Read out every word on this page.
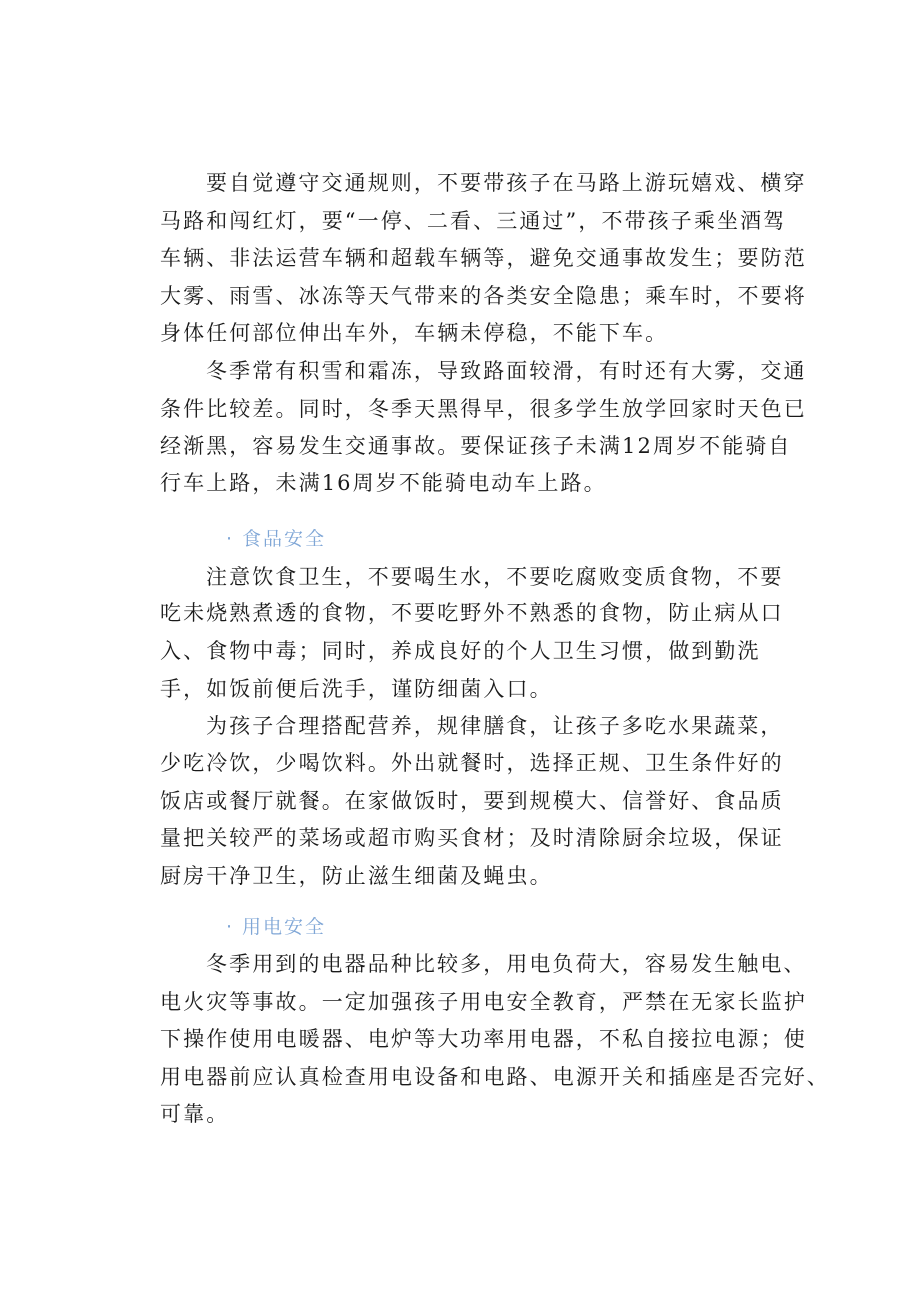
要自觉遵守交通规则，不要带孩子在马路上游玩嬉戏、横穿
马路和闯红灯，要“一停、二看、三通过”，不带孩子乘坐酒驾
车辆、非法运营车辆和超载车辆等，避免交通事故发生；要防范
大雾、雨雪、冰冻等天气带来的各类安全隐患；乘车时，不要将
身体任何部位伸出车外，车辆未停稳，不能下车。
冬季常有积雪和霜冻，导致路面较滑，有时还有大雾，交通
条件比较差。同时，冬季天黑得早，很多学生放学回家时天色已
经渐黑，容易发生交通事故。要保证孩子未满12周岁不能骑自
行车上路，未满16周岁不能骑电动车上路。
· 食品安全
注意饮食卫生，不要喝生水，不要吃腐败变质食物，不要
吃未烧熟煮透的食物，不要吃野外不熟悉的食物，防止病从口
入、食物中毒；同时，养成良好的个人卫生习惯，做到勤洗
手，如饭前便后洗手，谨防细菌入口。
为孩子合理搭配营养，规律膳食，让孩子多吃水果蔬菜，
少吃冷饮，少喝饮料。外出就餐时，选择正规、卫生条件好的
饭店或餐厅就餐。在家做饭时，要到规模大、信誉好、食品质
量把关较严的菜场或超市购买食材；及时清除厨余垃圾，保证
厨房干净卫生，防止滋生细菌及蝇虫。
· 用电安全
冬季用到的电器品种比较多，用电负荷大，容易发生触电、
电火灾等事故。一定加强孩子用电安全教育，严禁在无家长监护
下操作使用电暖器、电炉等大功率用电器，不私自接拉电源；使
用电器前应认真检查用电设备和电路、电源开关和插座是否完好、
可靠。
